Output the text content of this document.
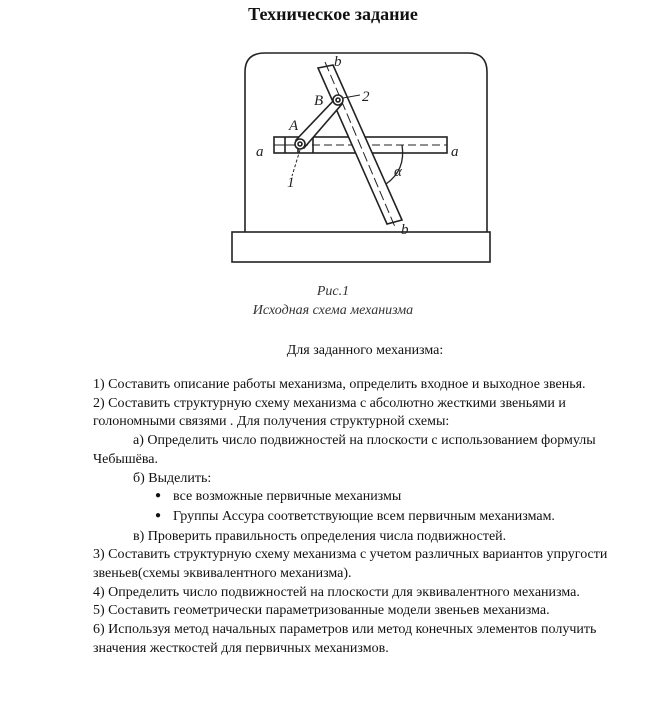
Техническое задание
a	a
b
b
A
B
1
2
α
Рис.1
Исходная схема механизма
Для заданного механизма:

1) Составить описание работы механизма, определить входное и выходное звенья.

2) Составить структурную схему механизма с абсолютно жесткими звеньями и голономными связями . Для получения структурной схемы:

а) Определить число подвижностей на плоскости с использованием формулы Чебышёва.

б) Выделить:

● все возможные первичные механизмы

● Группы Ассура соответствующие всем первичным механизмам.

в) Проверить правильность определения числа подвижностей.

3) Составить структурную схему механизма с учетом различных вариантов упругости звеньев(схемы эквивалентного механизма).

4) Определить число подвижностей на плоскости для эквивалентного механизма.

5) Составить геометрически параметризованные модели звеньев механизма.

6) Используя метод начальных параметров или метод конечных элементов получить значения жесткостей для первичных механизмов.
